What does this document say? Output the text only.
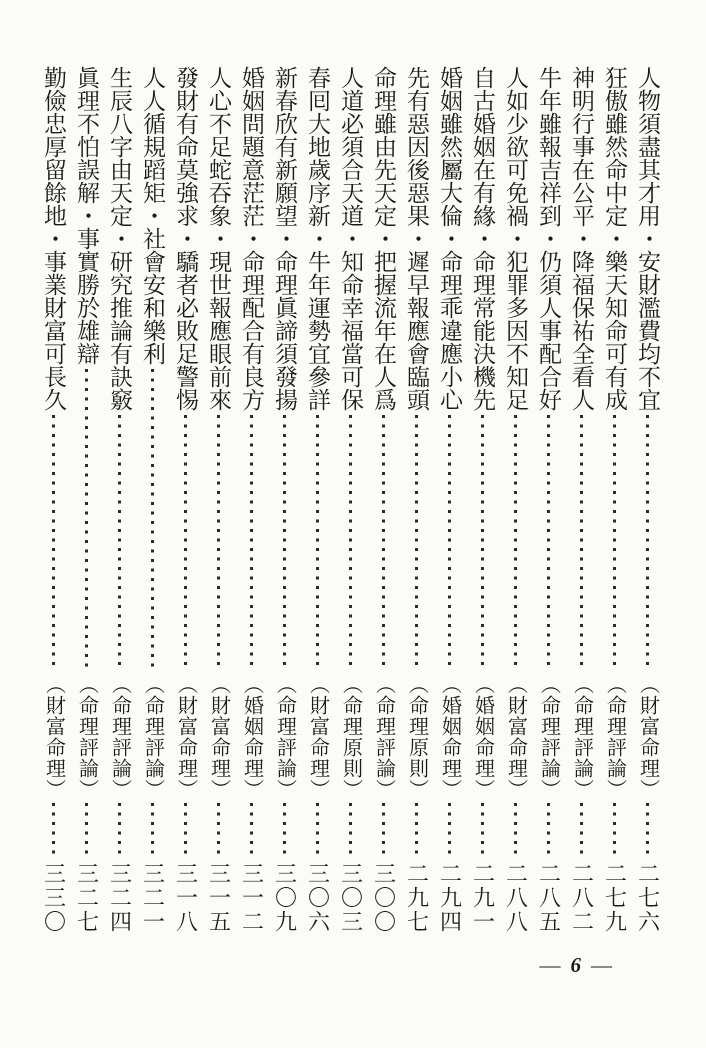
人物須盡其才用・安財濫費均不宜
︵財富命理︶
二七六
狂傲雖然命中定・樂天知命可有成
︵命理評論︶
二七九
神明行事在公平・降福保祐全看人
︵命理評論︶
二八二
牛年雖報吉祥到・仍須人事配合好
︵命理評論︶
二八五
人如少欲可免禍・犯罪多因不知足
︵財富命理︶
二八八
自古婚姻在有緣・命理常能決機先
︵婚姻命理︶
二九一
婚姻雖然屬大倫・命理乖違應小心
︵婚姻命理︶
二九四
先有惡因後惡果・遲早報應會臨頭
︵命理原則︶
二九七
命理雖由先天定・把握流年在人爲
︵命理評論︶
三〇〇
人道必須合天道・知命幸福當可保
︵命理原則︶
三〇三
春囘大地歲序新・牛年運勢宜參詳
︵財富命理︶
三〇六
新春欣有新願望・命理眞諦須發揚
︵命理評論︶
三〇九
婚姻問題意茫茫・命理配合有良方
︵婚姻命理︶
三一二
人心不足蛇吞象・現世報應眼前來
︵財富命理︶
三一五
發財有命莫強求・驕者必敗足警惕
︵財富命理︶
三一八
人人循規蹈矩・社會安和樂利
︵命理評論︶
三二一
生辰八字由天定・研究推論有訣竅
︵命理評論︶
三二四
眞理不怕誤解・事實勝於雄辯
︵命理評論︶
三二七
勤儉忠厚留餘地・事業財富可長久
︵財富命理︶
三三〇
— 6 —
